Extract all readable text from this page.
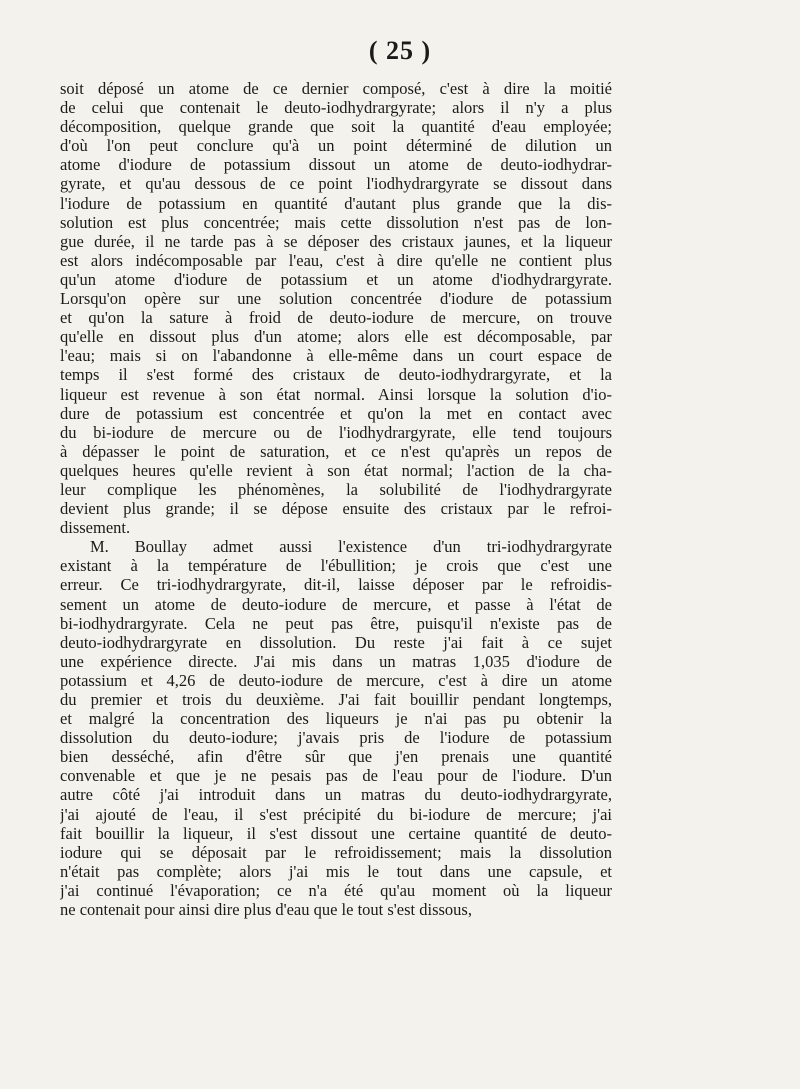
( 25 )
soit déposé un atome de ce dernier composé, c'est à dire la moitié
de celui que contenait le deuto-iodhydrargyrate; alors il n'y a plus
décomposition, quelque grande que soit la quantité d'eau employée;
d'où l'on peut conclure qu'à un point déterminé de dilution un
atome d'iodure de potassium dissout un atome de deuto-iodhydrar-
gyrate, et qu'au dessous de ce point l'iodhydrargyrate se dissout dans
l'iodure de potassium en quantité d'autant plus grande que la dis-
solution est plus concentrée; mais cette dissolution n'est pas de lon-
gue durée, il ne tarde pas à se déposer des cristaux jaunes, et la liqueur
est alors indécomposable par l'eau, c'est à dire qu'elle ne contient plus
qu'un atome d'iodure de potassium et un atome d'iodhydrargyrate.
Lorsqu'on opère sur une solution concentrée d'iodure de potassium
et qu'on la sature à froid de deuto-iodure de mercure, on trouve
qu'elle en dissout plus d'un atome; alors elle est décomposable, par
l'eau; mais si on l'abandonne à elle-même dans un court espace de
temps il s'est formé des cristaux de deuto-iodhydrargyrate, et la
liqueur est revenue à son état normal. Ainsi lorsque la solution d'io-
dure de potassium est concentrée et qu'on la met en contact avec
du bi-iodure de mercure ou de l'iodhydrargyrate, elle tend toujours
à dépasser le point de saturation, et ce n'est qu'après un repos de
quelques heures qu'elle revient à son état normal; l'action de la cha-
leur complique les phénomènes, la solubilité de l'iodhydrargyrate
devient plus grande; il se dépose ensuite des cristaux par le refroi-
dissement.
M. Boullay admet aussi l'existence d'un tri-iodhydrargyrate
existant à la température de l'ébullition; je crois que c'est une
erreur. Ce tri-iodhydrargyrate, dit-il, laisse déposer par le refroidis-
sement un atome de deuto-iodure de mercure, et passe à l'état de
bi-iodhydrargyrate. Cela ne peut pas être, puisqu'il n'existe pas de
deuto-iodhydrargyrate en dissolution. Du reste j'ai fait à ce sujet
une expérience directe. J'ai mis dans un matras 1,035 d'iodure de
potassium et 4,26 de deuto-iodure de mercure, c'est à dire un atome
du premier et trois du deuxième. J'ai fait bouillir pendant longtemps,
et malgré la concentration des liqueurs je n'ai pas pu obtenir la
dissolution du deuto-iodure; j'avais pris de l'iodure de potassium
bien desséché, afin d'être sûr que j'en prenais une quantité
convenable et que je ne pesais pas de l'eau pour de l'iodure. D'un
autre côté j'ai introduit dans un matras du deuto-iodhydrargyrate,
j'ai ajouté de l'eau, il s'est précipité du bi-iodure de mercure; j'ai
fait bouillir la liqueur, il s'est dissout une certaine quantité de deuto-
iodure qui se déposait par le refroidissement; mais la dissolution
n'était pas complète; alors j'ai mis le tout dans une capsule, et
j'ai continué l'évaporation; ce n'a été qu'au moment où la liqueur
ne contenait pour ainsi dire plus d'eau que le tout s'est dissous,
